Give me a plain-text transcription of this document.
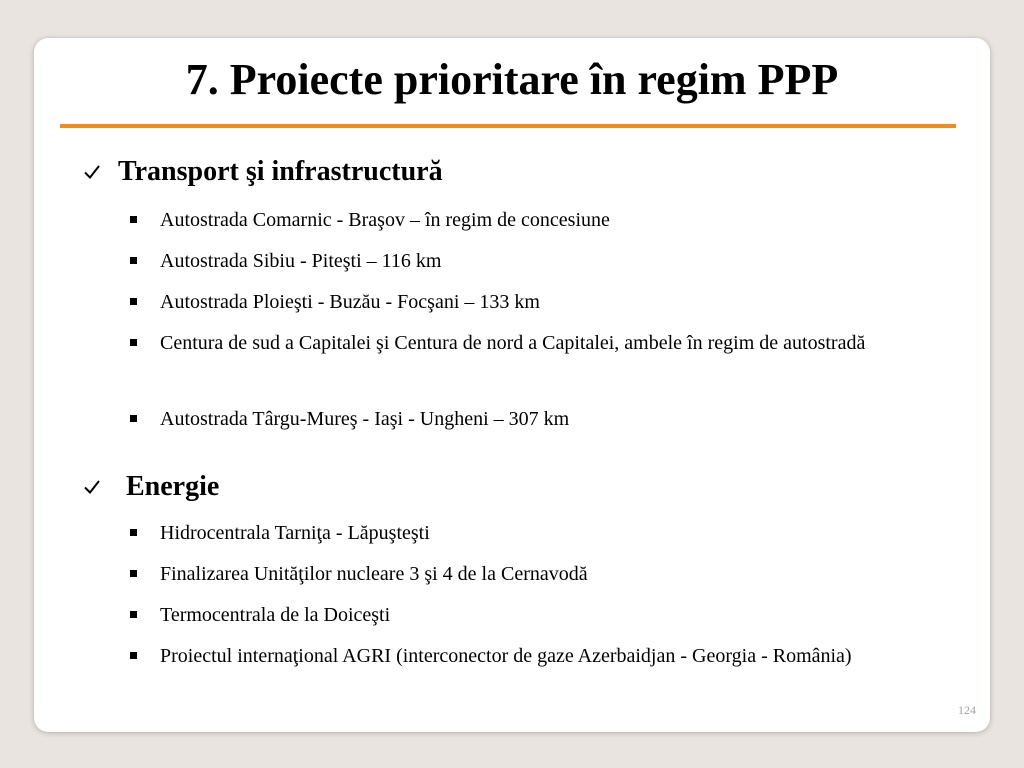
7. Proiecte prioritare în regim PPP
Transport şi infrastructură
Autostrada Comarnic - Braşov – în regim de concesiune
Autostrada Sibiu - Piteşti – 116 km
Autostrada Ploieşti - Buzău - Focşani – 133 km
Centura de sud a Capitalei şi Centura de nord a Capitalei, ambele în regim de autostradă
Autostrada Târgu-Mureş - Iaşi - Ungheni – 307 km
Energie
Hidrocentrala Tarniţa - Lăpuşteşti
Finalizarea Unităţilor nucleare 3 şi 4 de la Cernavodă
Termocentrala de la Doiceşti
Proiectul internaţional AGRI (interconector de gaze Azerbaidjan - Georgia - România)
124
